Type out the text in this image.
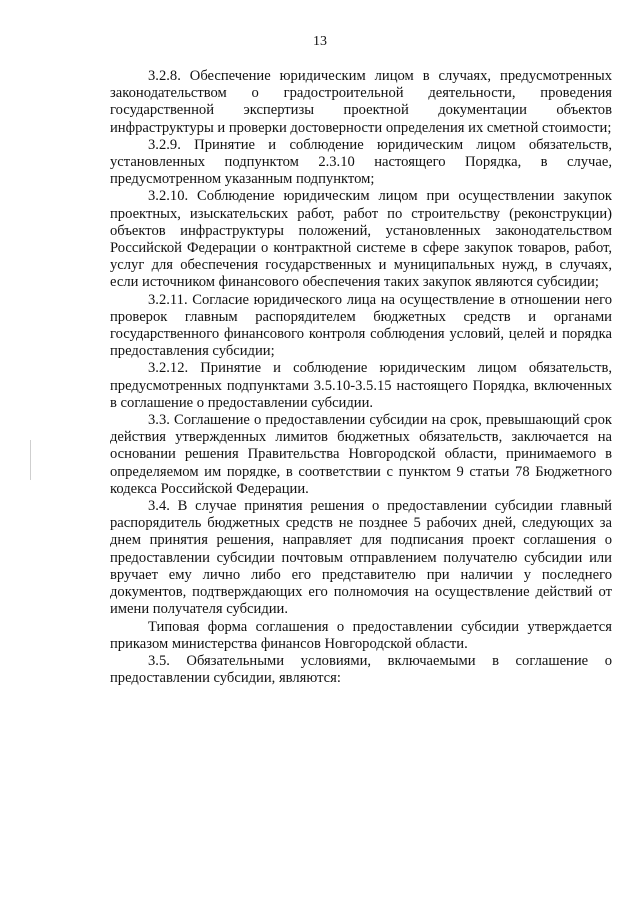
13

3.2.8. Обеспечение юридическим лицом в случаях, предусмотренных законодательством о градостроительной деятельности, проведения государственной экспертизы проектной документации объектов инфраструктуры и проверки достоверности определения их сметной стоимости;

3.2.9. Принятие и соблюдение юридическим лицом обязательств, установленных подпунктом 2.3.10 настоящего Порядка, в случае, предусмотренном указанным подпунктом;

3.2.10. Соблюдение юридическим лицом при осуществлении закупок проектных, изыскательских работ, работ по строительству (реконструкции) объектов инфраструктуры положений, установленных законодательством Российской Федерации о контрактной системе в сфере закупок товаров, работ, услуг для обеспечения государственных и муниципальных нужд, в случаях, если источником финансового обеспечения таких закупок являются субсидии;

3.2.11. Согласие юридического лица на осуществление в отношении него проверок главным распорядителем бюджетных средств и органами государственного финансового контроля соблюдения условий, целей и порядка предоставления субсидии;

3.2.12. Принятие и соблюдение юридическим лицом обязательств, предусмотренных подпунктами 3.5.10-3.5.15 настоящего Порядка, включенных в соглашение о предоставлении субсидии.

3.3. Соглашение о предоставлении субсидии на срок, превышающий срок действия утвержденных лимитов бюджетных обязательств, заключается на основании решения Правительства Новгородской области, принимаемого в определяемом им порядке, в соответствии с пунктом 9 статьи 78 Бюджетного кодекса Российской Федерации.

3.4. В случае принятия решения о предоставлении субсидии главный распорядитель бюджетных средств не позднее 5 рабочих дней, следующих за днем принятия решения, направляет для подписания проект соглашения о предоставлении субсидии почтовым отправлением получателю субсидии или вручает ему лично либо его представителю при наличии у последнего документов, подтверждающих его полномочия на осуществление действий от имени получателя субсидии.

Типовая форма соглашения о предоставлении субсидии утверждается приказом министерства финансов Новгородской области.

3.5. Обязательными условиями, включаемыми в соглашение о предоставлении субсидии, являются:
